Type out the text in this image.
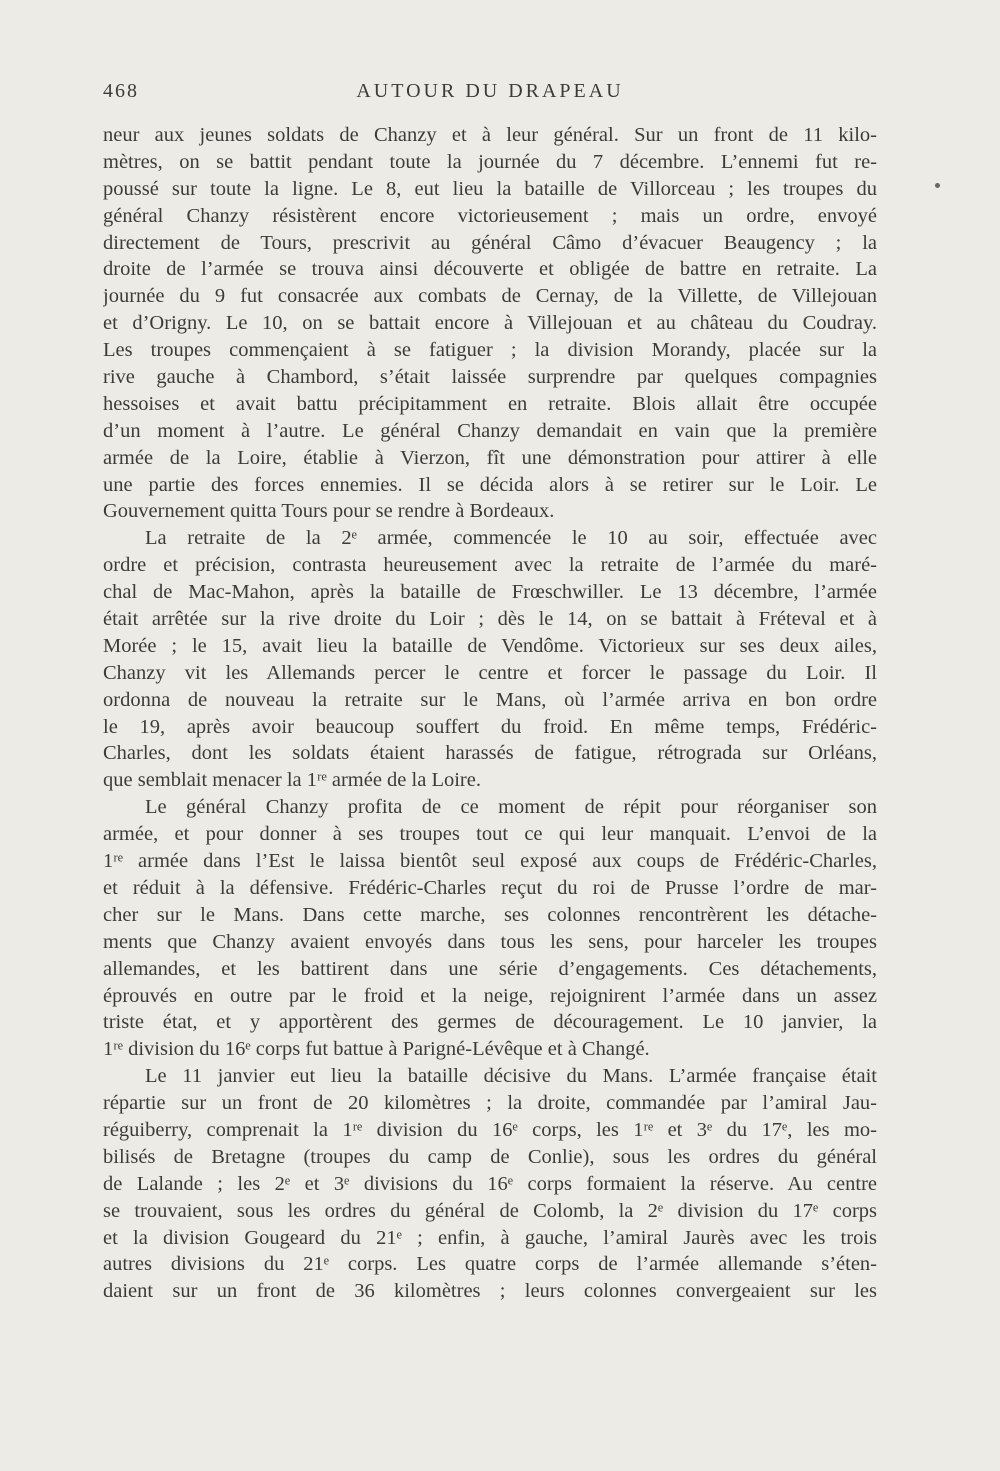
468	AUTOUR DU DRAPEAU
neur aux jeunes soldats de Chanzy et à leur général. Sur un front de 11 kilo-
mètres, on se battit pendant toute la journée du 7 décembre. L’ennemi fut re-
poussé sur toute la ligne. Le 8, eut lieu la bataille de Villorceau ; les troupes du
général Chanzy résistèrent encore victorieusement ; mais un ordre, envoyé
directement de Tours, prescrivit au général Câmo d’évacuer Beaugency ; la
droite de l’armée se trouva ainsi découverte et obligée de battre en retraite. La
journée du 9 fut consacrée aux combats de Cernay, de la Villette, de Villejouan
et d’Origny. Le 10, on se battait encore à Villejouan et au château du Coudray.
Les troupes commençaient à se fatiguer ; la division Morandy, placée sur la
rive gauche à Chambord, s’était laissée surprendre par quelques compagnies
hessoises et avait battu précipitamment en retraite. Blois allait être occupée
d’un moment à l’autre. Le général Chanzy demandait en vain que la première
armée de la Loire, établie à Vierzon, fît une démonstration pour attirer à elle
une partie des forces ennemies. Il se décida alors à se retirer sur le Loir. Le
Gouvernement quitta Tours pour se rendre à Bordeaux.
La retraite de la 2ᵉ armée, commencée le 10 au soir, effectuée avec
ordre et précision, contrasta heureusement avec la retraite de l’armée du maré-
chal de Mac-Mahon, après la bataille de Frœschwiller. Le 13 décembre, l’armée
était arrêtée sur la rive droite du Loir ; dès le 14, on se battait à Fréteval et à
Morée ; le 15, avait lieu la bataille de Vendôme. Victorieux sur ses deux ailes,
Chanzy vit les Allemands percer le centre et forcer le passage du Loir. Il
ordonna de nouveau la retraite sur le Mans, où l’armée arriva en bon ordre
le 19, après avoir beaucoup souffert du froid. En même temps, Frédéric-
Charles, dont les soldats étaient harassés de fatigue, rétrograda sur Orléans,
que semblait menacer la 1ʳᵉ armée de la Loire.
Le général Chanzy profita de ce moment de répit pour réorganiser son
armée, et pour donner à ses troupes tout ce qui leur manquait. L’envoi de la
1ʳᵉ armée dans l’Est le laissa bientôt seul exposé aux coups de Frédéric-Charles,
et réduit à la défensive. Frédéric-Charles reçut du roi de Prusse l’ordre de mar-
cher sur le Mans. Dans cette marche, ses colonnes rencontrèrent les détache-
ments que Chanzy avaient envoyés dans tous les sens, pour harceler les troupes
allemandes, et les battirent dans une série d’engagements. Ces détachements,
éprouvés en outre par le froid et la neige, rejoignirent l’armée dans un assez
triste état, et y apportèrent des germes de découragement. Le 10 janvier, la
1ʳᵉ division du 16ᵉ corps fut battue à Parigné-Lévêque et à Changé.
Le 11 janvier eut lieu la bataille décisive du Mans. L’armée française était
répartie sur un front de 20 kilomètres ; la droite, commandée par l’amiral Jau-
réguiberry, comprenait la 1ʳᵉ division du 16ᵉ corps, les 1ʳᵉ et 3ᵉ du 17ᵉ, les mo-
bilisés de Bretagne (troupes du camp de Conlie), sous les ordres du général
de Lalande ; les 2ᵉ et 3ᵉ divisions du 16ᵉ corps formaient la réserve. Au centre
se trouvaient, sous les ordres du général de Colomb, la 2ᵉ division du 17ᵉ corps
et la division Gougeard du 21ᵉ ; enfin, à gauche, l’amiral Jaurès avec les trois
autres divisions du 21ᵉ corps. Les quatre corps de l’armée allemande s’éten-
daient sur un front de 36 kilomètres ; leurs colonnes convergeaient sur les
